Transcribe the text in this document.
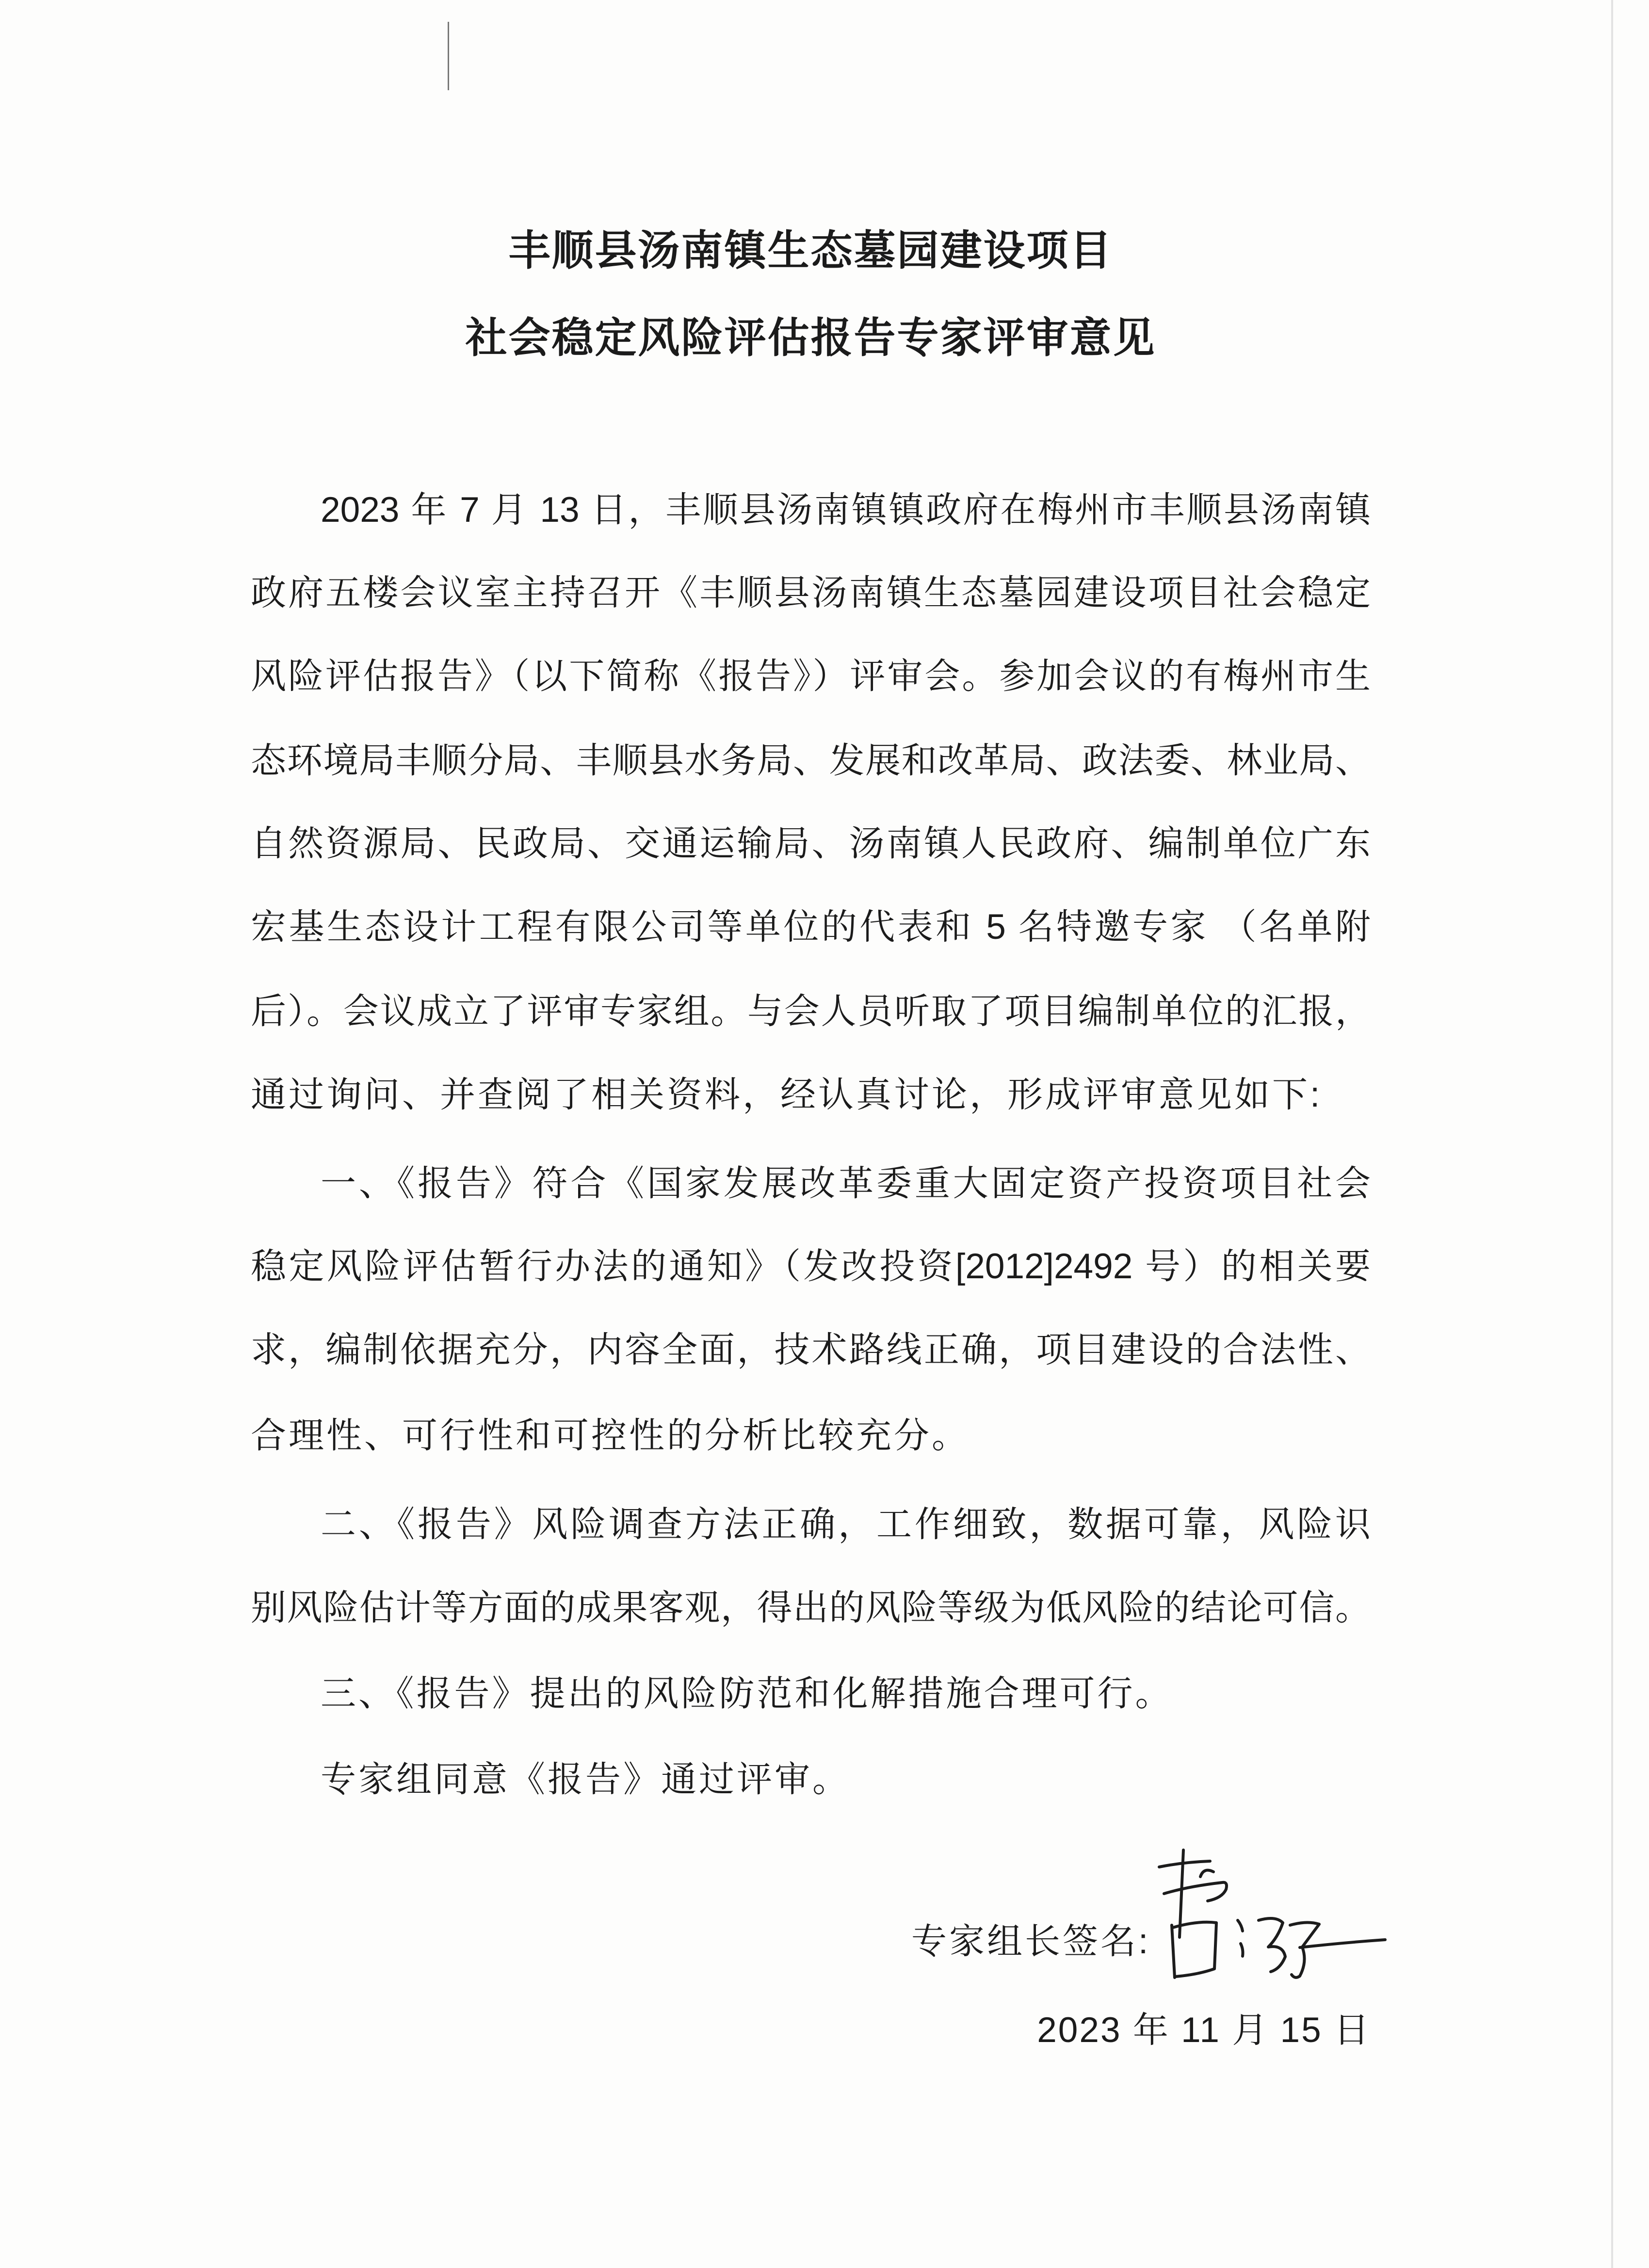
丰顺县汤南镇生态墓园建设项目
社会稳定风险评估报告专家评审意见
2023 年 7 月 13 日，丰顺县汤南镇镇政府在梅州市丰顺县汤南镇
政府五楼会议室主持召开《丰顺县汤南镇生态墓园建设项目社会稳定
风险评估报告》（以下简称《报告》）评审会。参加会议的有梅州市生
态环境局丰顺分局、丰顺县水务局、发展和改革局、政法委、林业局、
自然资源局、民政局、交通运输局、汤南镇人民政府、编制单位广东
宏基生态设计工程有限公司等单位的代表和 5 名特邀专家 （名单附
后）。会议成立了评审专家组。与会人员听取了项目编制单位的汇报，
通过询问、并查阅了相关资料，经认真讨论，形成评审意见如下:
一、《报告》符合《国家发展改革委重大固定资产投资项目社会
稳定风险评估暂行办法的通知》（发改投资[2012]2492 号）的相关要
求，编制依据充分，内容全面，技术路线正确，项目建设的合法性、
合理性、可行性和可控性的分析比较充分。
二、《报告》风险调查方法正确，工作细致，数据可靠，风险识
别风险估计等方面的成果客观，得出的风险等级为低风险的结论可信。
三、《报告》提出的风险防范和化解措施合理可行。
专家组同意《报告》通过评审。
专家组长签名:
2023 年 11 月 15 日
